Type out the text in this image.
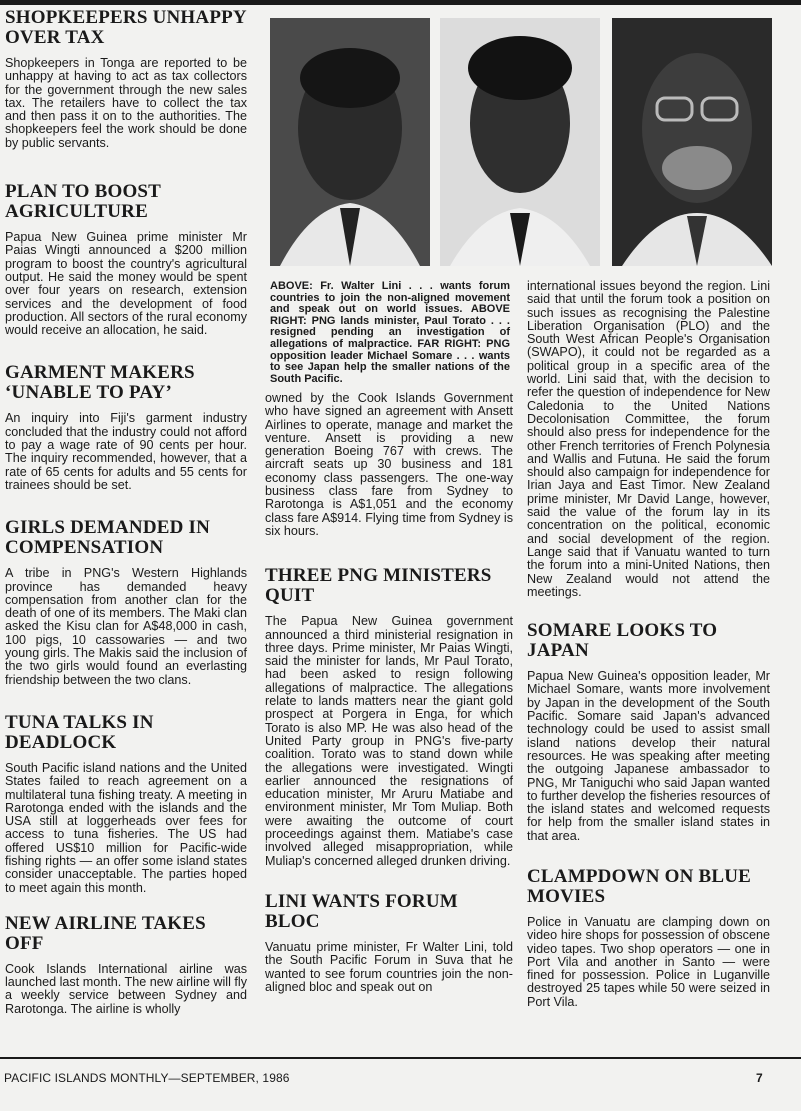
SHOPKEEPERS UNHAPPY OVER TAX

Shopkeepers in Tonga are reported to be unhappy at having to act as tax collectors for the government through the new sales tax. The retailers have to collect the tax and then pass it on to the authorities. The shopkeepers feel the work should be done by public servants.

PLAN TO BOOST AGRICULTURE

Papua New Guinea prime minister Mr Paias Wingti announced a $200 million program to boost the country's agricultural output. He said the money would be spent over four years on research, extension services and the development of food production. All sectors of the rural economy would receive an allocation, he said.

GARMENT MAKERS ‘UNABLE TO PAY’

An inquiry into Fiji's garment industry concluded that the industry could not afford to pay a wage rate of 90 cents per hour. The inquiry recommended, however, that a rate of 65 cents for adults and 55 cents for trainees should be set.

GIRLS DEMANDED IN COMPENSATION

A tribe in PNG's Western Highlands province has demanded heavy compensation from another clan for the death of one of its members. The Maki clan asked the Kisu clan for A$48,000 in cash, 100 pigs, 10 cassowaries — and two young girls. The Makis said the inclusion of the two girls would found an everlasting friendship between the two clans.

TUNA TALKS IN DEADLOCK

South Pacific island nations and the United States failed to reach agreement on a multilateral tuna fishing treaty. A meeting in Rarotonga ended with the islands and the USA still at loggerheads over fees for access to tuna fisheries. The US had offered US$10 million for Pacific-wide fishing rights — an offer some island states consider unacceptable. The parties hoped to meet again this month.

NEW AIRLINE TAKES OFF

Cook Islands International airline was launched last month. The new airline will fly a weekly service between Sydney and Rarotonga. The airline is wholly

ABOVE: Fr. Walter Lini . . . wants forum countries to join the non-aligned movement and speak out on world issues. ABOVE RIGHT: PNG lands minister, Paul Torato . . . resigned pending an investigation of allegations of malpractice. FAR RIGHT: PNG opposition leader Michael Somare . . . wants to see Japan help the smaller nations of the South Pacific.

owned by the Cook Islands Government who have signed an agreement with Ansett Airlines to operate, manage and market the venture. Ansett is providing a new generation Boeing 767 with crews. The aircraft seats up 30 business and 181 economy class passengers. The one-way business class fare from Sydney to Rarotonga is A$1,051 and the economy class fare A$914. Flying time from Sydney is six hours.

THREE PNG MINISTERS QUIT

The Papua New Guinea government announced a third ministerial resignation in three days. Prime minister, Mr Paias Wingti, said the minister for lands, Mr Paul Torato, had been asked to resign following allegations of malpractice. The allegations relate to lands matters near the giant gold prospect at Porgera in Enga, for which Torato is also MP. He was also head of the United Party group in PNG's five-party coalition. Torato was to stand down while the allegations were investigated. Wingti earlier announced the resignations of education minister, Mr Aruru Matiabe and environment minister, Mr Tom Muliap. Both were awaiting the outcome of court proceedings against them. Matiabe's case involved alleged misappropriation, while Muliap's concerned alleged drunken driving.

LINI WANTS FORUM BLOC

Vanuatu prime minister, Fr Walter Lini, told the South Pacific Forum in Suva that he wanted to see forum countries join the non-aligned bloc and speak out on

international issues beyond the region. Lini said that until the forum took a position on such issues as recognising the Palestine Liberation Organisation (PLO) and the South West African People's Organisation (SWAPO), it could not be regarded as a political group in a specific area of the world. Lini said that, with the decision to refer the question of independence for New Caledonia to the United Nations Decolonisation Committee, the forum should also press for independence for the other French territories of French Polynesia and Wallis and Futuna. He said the forum should also campaign for independence for Irian Jaya and East Timor. New Zealand prime minister, Mr David Lange, however, said the value of the forum lay in its concentration on the political, economic and social development of the region. Lange said that if Vanuatu wanted to turn the forum into a mini-United Nations, then New Zealand would not attend the meetings.

SOMARE LOOKS TO JAPAN

Papua New Guinea's opposition leader, Mr Michael Somare, wants more involvement by Japan in the development of the South Pacific. Somare said Japan's advanced technology could be used to assist small island nations develop their natural resources. He was speaking after meeting the outgoing Japanese ambassador to PNG, Mr Taniguchi who said Japan wanted to further develop the fisheries resources of the island states and welcomed requests for help from the smaller island states in that area.

CLAMPDOWN ON BLUE MOVIES

Police in Vanuatu are clamping down on video hire shops for possession of obscene video tapes. Two shop operators — one in Port Vila and another in Santo — were fined for possession. Police in Luganville destroyed 25 tapes while 50 were seized in Port Vila.

PACIFIC ISLANDS MONTHLY—SEPTEMBER, 1986	7
